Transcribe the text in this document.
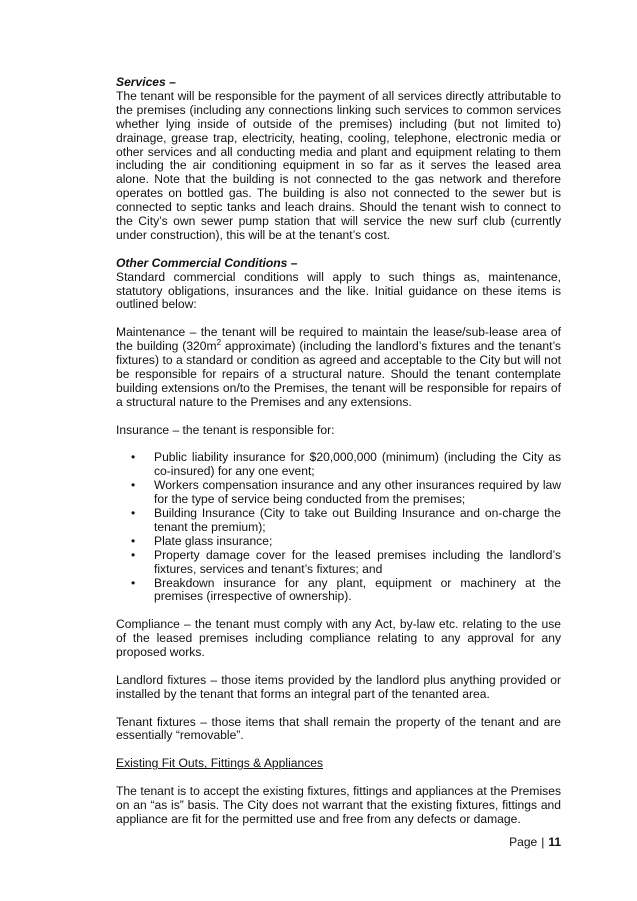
Services –

The tenant will be responsible for the payment of all services directly attributable to the premises (including any connections linking such services to common services whether lying inside of outside of the premises) including (but not limited to) drainage, grease trap, electricity, heating, cooling, telephone, electronic media or other services and all conducting media and plant and equipment relating to them including the air conditioning equipment in so far as it serves the leased area alone. Note that the building is not connected to the gas network and therefore operates on bottled gas. The building is also not connected to the sewer but is connected to septic tanks and leach drains. Should the tenant wish to connect to the City’s own sewer pump station that will service the new surf club (currently under construction), this will be at the tenant’s cost.

Other Commercial Conditions –

Standard commercial conditions will apply to such things as, maintenance, statutory obligations, insurances and the like. Initial guidance on these items is outlined below:

Maintenance – the tenant will be required to maintain the lease/sub-lease area of the building ($320m^2$ approximate) (including the landlord’s fixtures and the tenant’s fixtures) to a standard or condition as agreed and acceptable to the City but will not be responsible for repairs of a structural nature. Should the tenant contemplate building extensions on/to the Premises, the tenant will be responsible for repairs of a structural nature to the Premises and any extensions.

Insurance – the tenant is responsible for:

• Public liability insurance for $20,000,000 (minimum) (including the City as co-insured) for any one event;
• Workers compensation insurance and any other insurances required by law for the type of service being conducted from the premises;
• Building Insurance (City to take out Building Insurance and on-charge the tenant the premium);
• Plate glass insurance;
• Property damage cover for the leased premises including the landlord’s fixtures, services and tenant’s fixtures; and
• Breakdown insurance for any plant, equipment or machinery at the premises (irrespective of ownership).

Compliance – the tenant must comply with any Act, by-law etc. relating to the use of the leased premises including compliance relating to any approval for any proposed works.

Landlord fixtures – those items provided by the landlord plus anything provided or installed by the tenant that forms an integral part of the tenanted area.

Tenant fixtures – those items that shall remain the property of the tenant and are essentially “removable”.

Existing Fit Outs, Fittings & Appliances

The tenant is to accept the existing fixtures, fittings and appliances at the Premises on an “as is” basis. The City does not warrant that the existing fixtures, fittings and appliance are fit for the permitted use and free from any defects or damage.

Page | 11
